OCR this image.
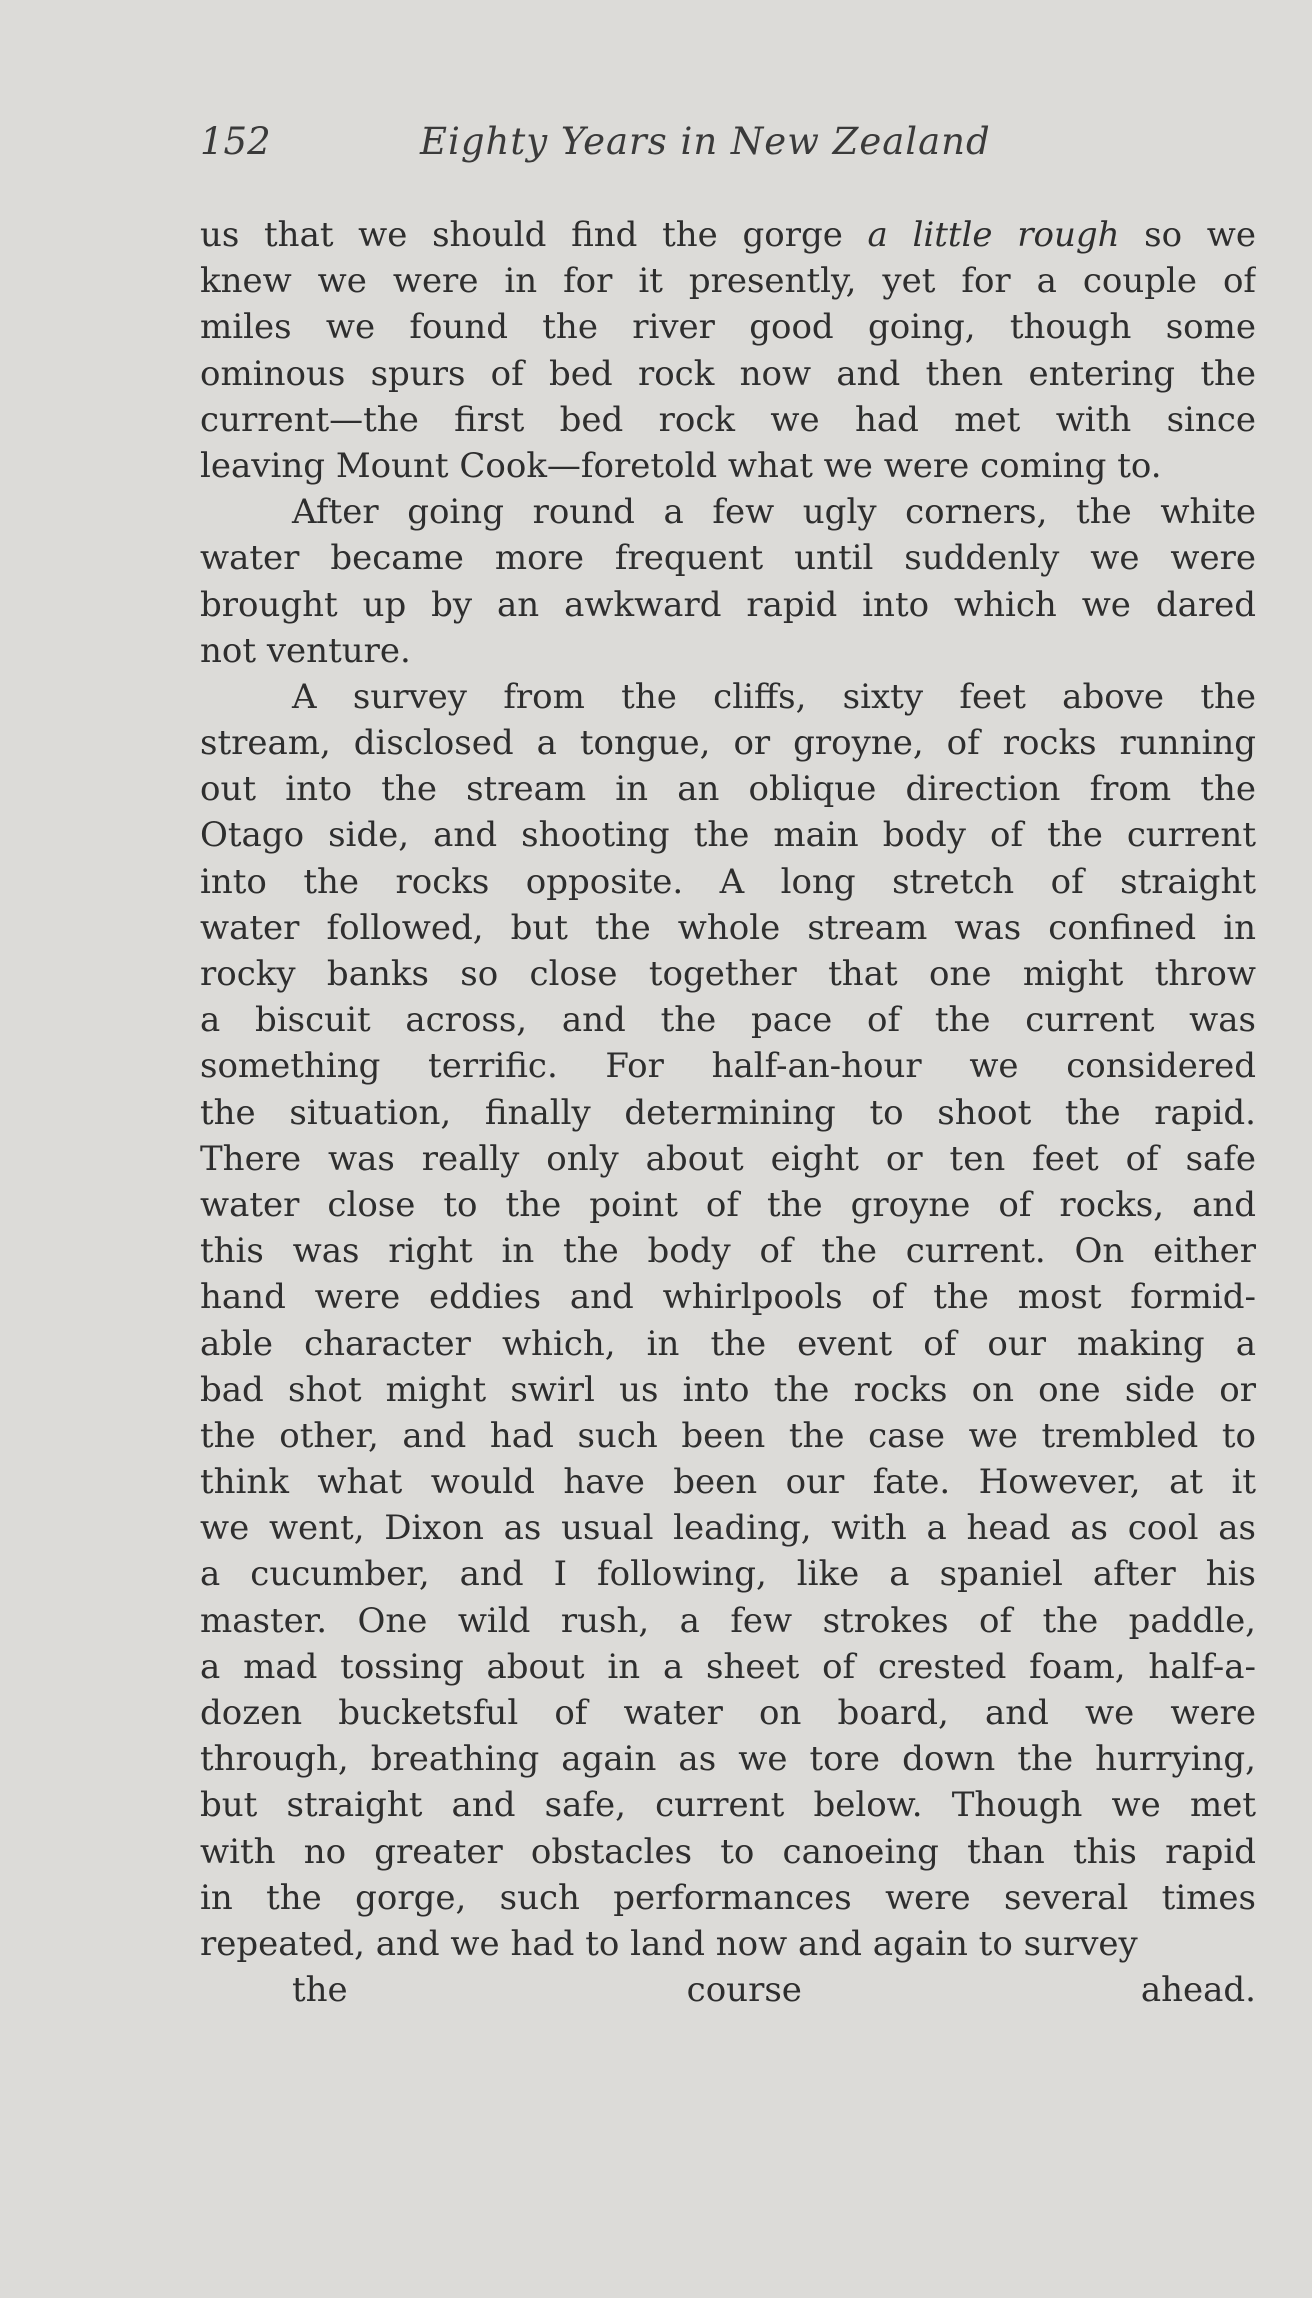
152	Eighty Years in New Zealand
us that we should find the gorge a little rough so we
knew we were in for it presently, yet for a couple of
miles we found the river good going, though some
ominous spurs of bed rock now and then entering the
current—the first bed rock we had met with since
leaving Mount Cook—foretold what we were coming to.
After going round a few ugly corners, the white
water became more frequent until suddenly we were
brought up by an awkward rapid into which we dared
not venture.
A survey from the cliffs, sixty feet above the
stream, disclosed a tongue, or groyne, of rocks running
out into the stream in an oblique direction from the
Otago side, and shooting the main body of the current
into the rocks opposite. A long stretch of straight
water followed, but the whole stream was confined in
rocky banks so close together that one might throw
a biscuit across, and the pace of the current was
something terrific. For half-an-hour we considered
the situation, finally determining to shoot the rapid.
There was really only about eight or ten feet of safe
water close to the point of the groyne of rocks, and
this was right in the body of the current. On either
hand were eddies and whirlpools of the most formid-
able character which, in the event of our making a
bad shot might swirl us into the rocks on one side or
the other, and had such been the case we trembled to
think what would have been our fate. However, at it
we went, Dixon as usual leading, with a head as cool as
a cucumber, and I following, like a spaniel after his
master. One wild rush, a few strokes of the paddle,
a mad tossing about in a sheet of crested foam, half-a-
dozen bucketsful of water on board, and we were
through, breathing again as we tore down the hurrying,
but straight and safe, current below. Though we met
with no greater obstacles to canoeing than this rapid
in the gorge, such performances were several times
repeated, and we had to land now and again to survey
the course ahead.
